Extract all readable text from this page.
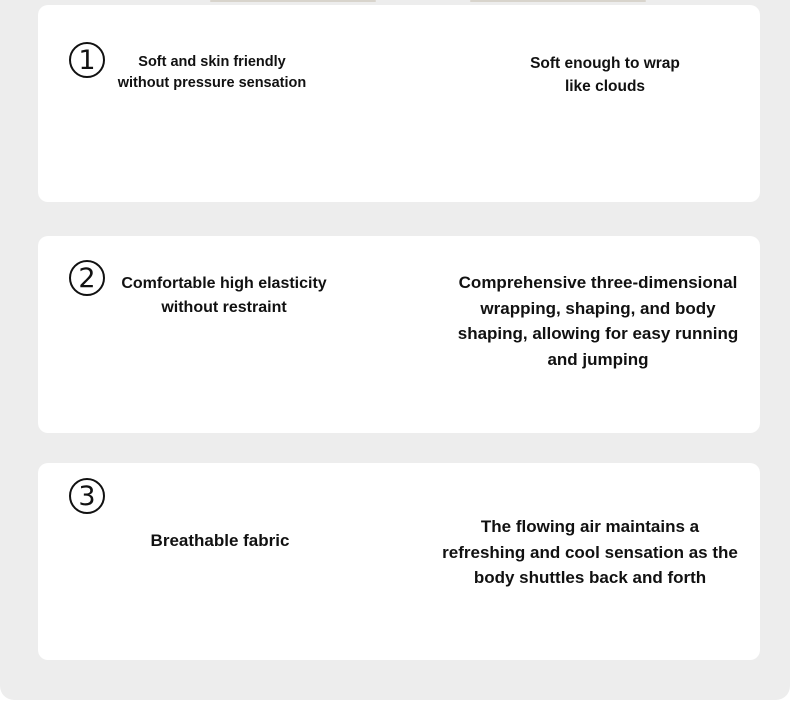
1	Soft and skin friendly without pressure sensation
Soft enough to wrap like clouds
2	Comfortable high elasticity without restraint
Comprehensive three-dimensional wrapping, shaping, and body shaping, allowing for easy running and jumping
3
Breathable fabric
The flowing air maintains a refreshing and cool sensation as the body shuttles back and forth
